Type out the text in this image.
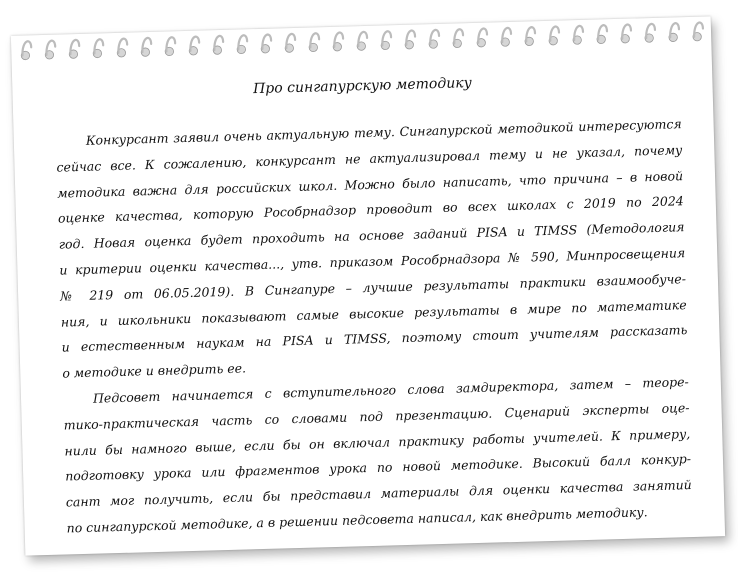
Про сингапурскую методику
Конкурсант заявил очень актуальную тему. Сингапурской методикой интересуются
сейчас все. К сожалению, конкурсант не актуализировал тему и не указал, почему
методика важна для российских школ. Можно было написать, что причина – в новой
оценке качества, которую Рособрнадзор проводит во всех школах с 2019 по 2024
год. Новая оценка будет проходить на основе заданий PISA и TIMSS (Методология
и критерии оценки качества..., утв. приказом Рособрнадзора № 590, Минпросвещения
№ 219 от 06.05.2019). В Сингапуре – лучшие результаты практики взаимообуче-
ния, и школьники показывают самые высокие результаты в мире по математике
и естественным наукам на PISA и TIMSS, поэтому стоит учителям рассказать
о методике и внедрить ее.
Педсовет начинается с вступительного слова замдиректора, затем – теоре-
тико-практическая часть со словами под презентацию. Сценарий эксперты оце-
нили бы намного выше, если бы он включал практику работы учителей. К примеру,
подготовку урока или фрагментов урока по новой методике. Высокий балл конкур-
сант мог получить, если бы представил материалы для оценки качества занятий
по сингапурской методике, а в решении педсовета написал, как внедрить методику.
